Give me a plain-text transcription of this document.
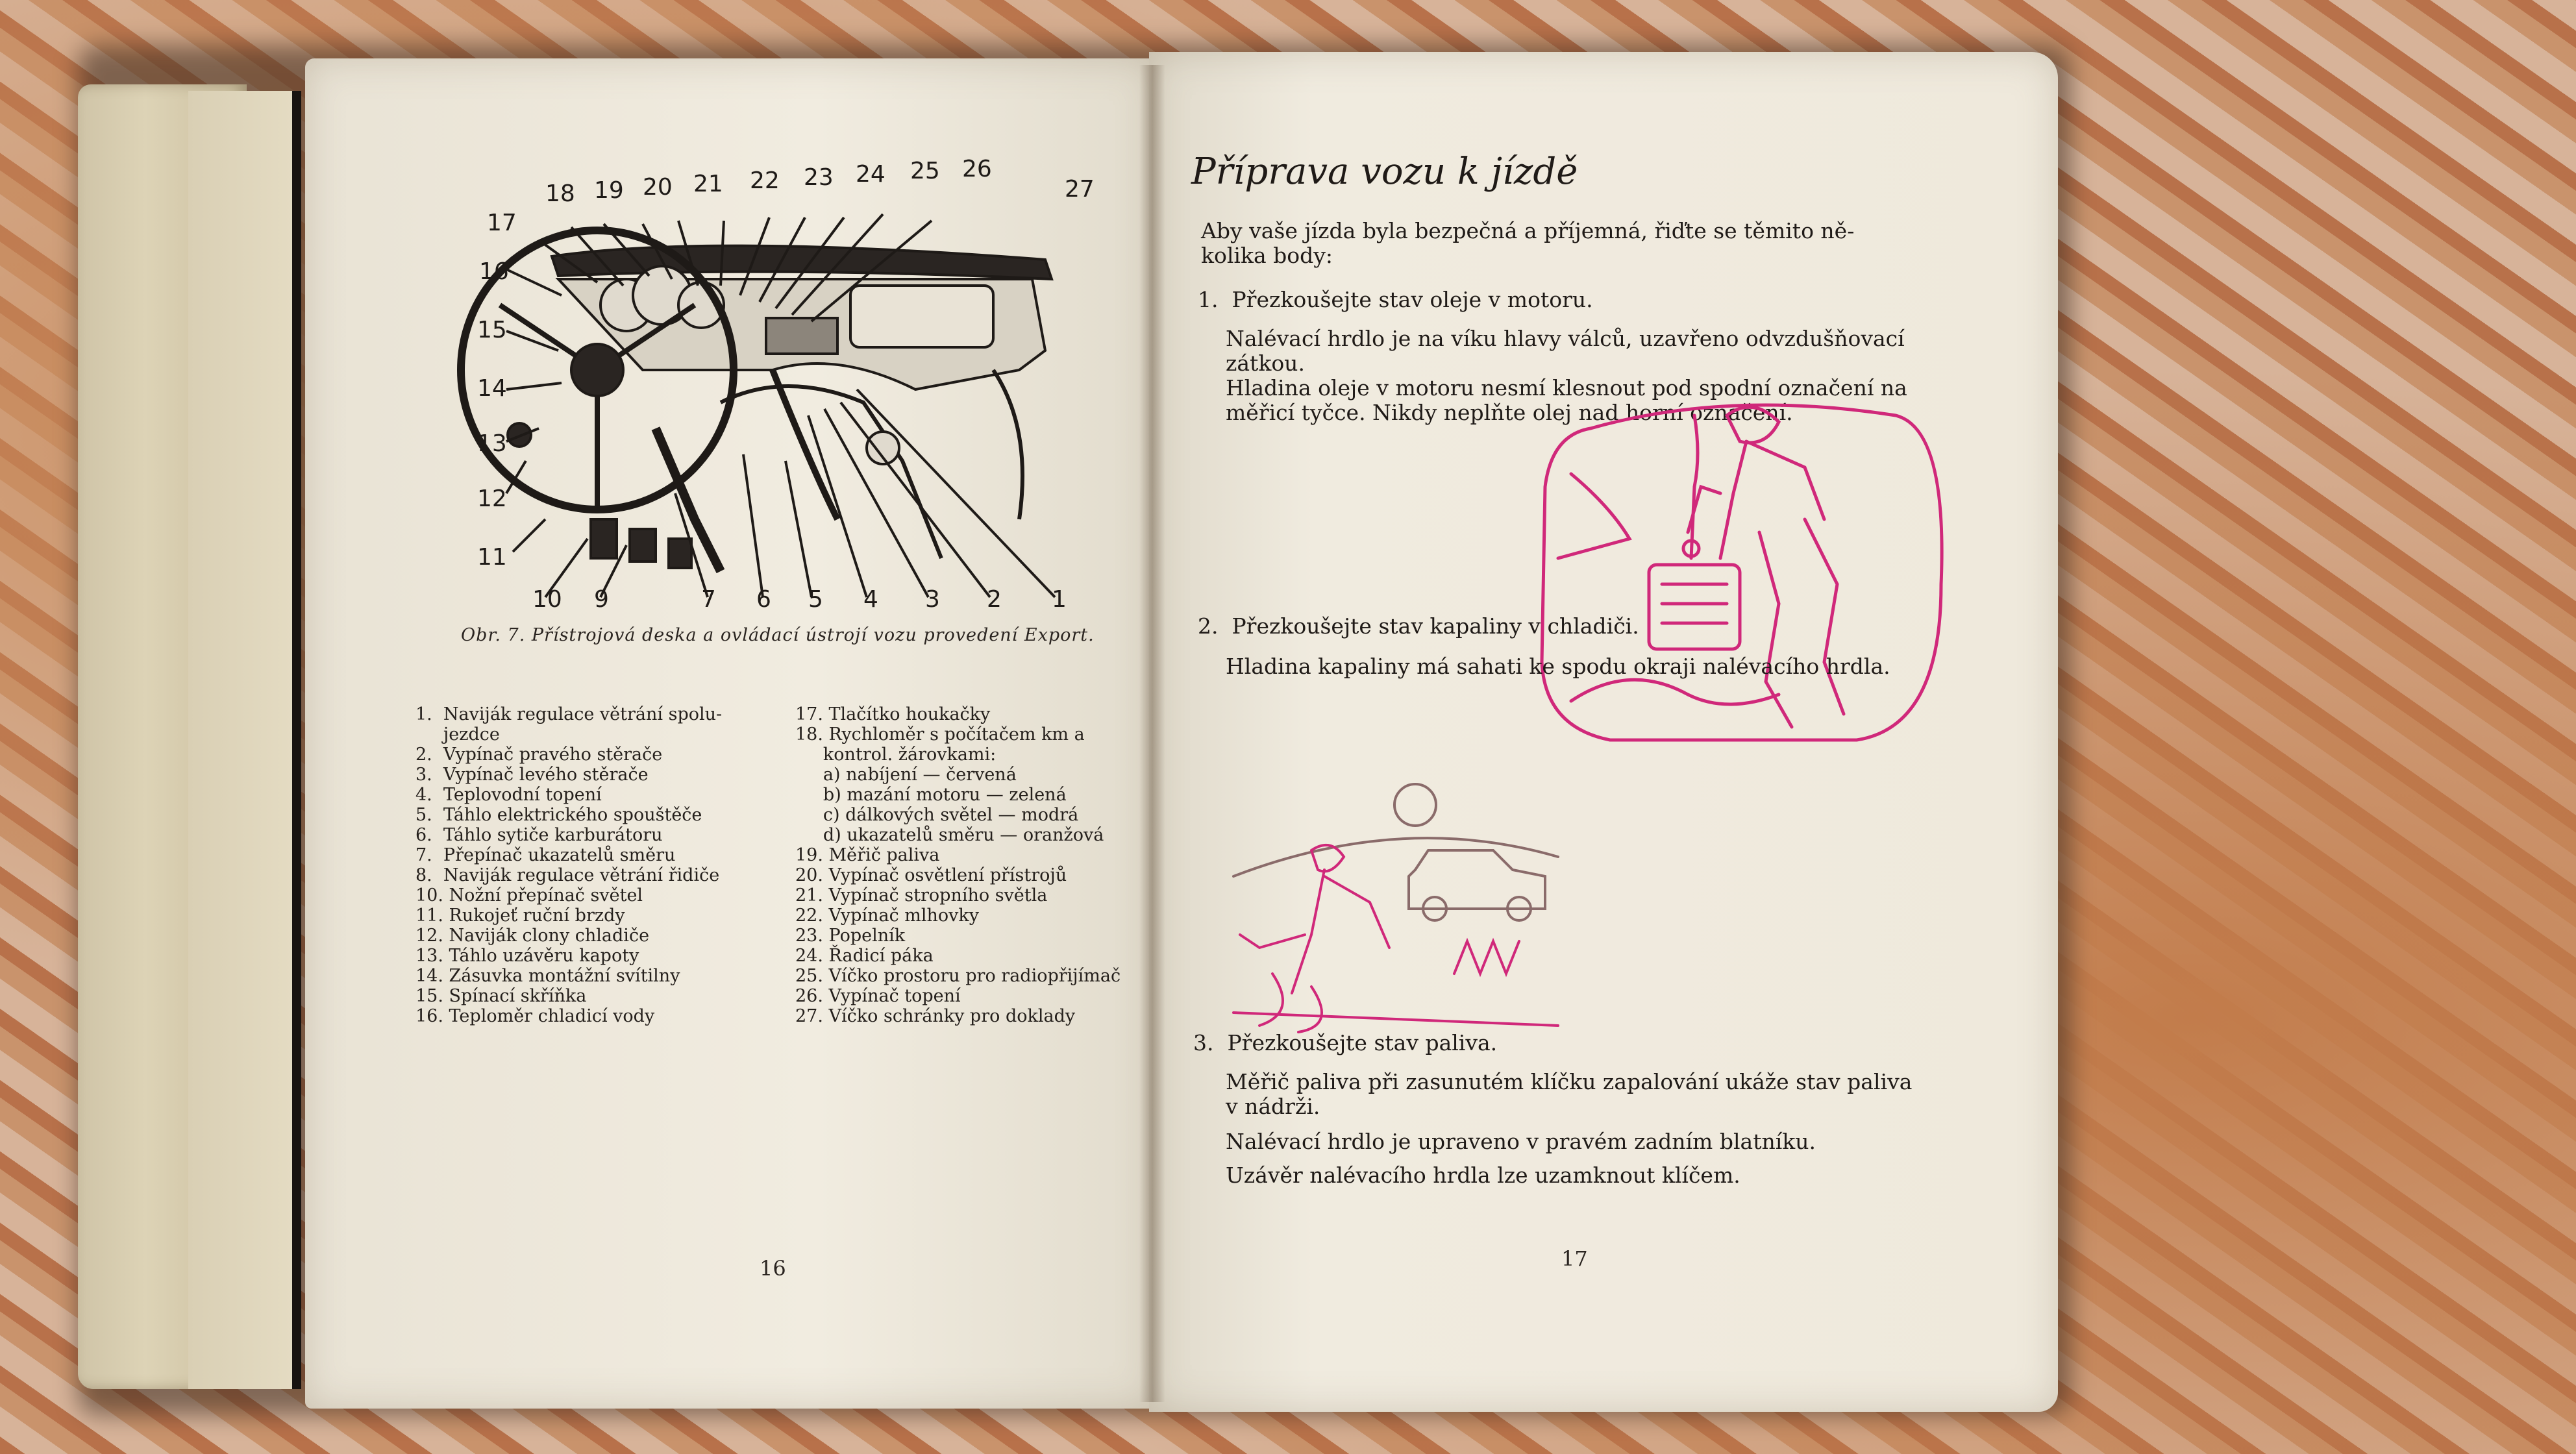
17
18 19 20 21 22 23 24 25 26
27
16
15
14
13
12
11
10 9	7 6 5 4 3 2 1
Obr. 7. Přístrojová deska a ovládací ústrojí vozu provedení Export.
1.  Naviják regulace větrání spolu-
jezdce
2.  Vypínač pravého stěrače
3.  Vypínač levého stěrače
4.  Teplovodní topení
5.  Táhlo elektrického spouštěče
6.  Táhlo sytiče karburátoru
7.  Přepínač ukazatelů směru
8.  Naviják regulace větrání řidiče
10. Nožní přepínač světel
11. Rukojeť ruční brzdy
12. Naviják clony chladiče
13. Táhlo uzávěru kapoty
14. Zásuvka montážní svítilny
15. Spínací skříňka
16. Teploměr chladicí vody
17. Tlačítko houkačky
18. Rychloměr s počítačem km a
kontrol. žárovkami:
a) nabíjení — červená
b) mazání motoru — zelená
c) dálkových světel — modrá
d) ukazatelů směru — oranžová
19. Měřič paliva
20. Vypínač osvětlení přístrojů
21. Vypínač stropního světla
22. Vypínač mlhovky
23. Popelník
24. Řadicí páka
25. Víčko prostoru pro radiopřijímač
26. Vypínač topení
27. Víčko schránky pro doklady
16
Příprava vozu k jízdě
Aby vaše jízda byla bezpečná a příjemná, řiďte se těmito ně-
kolika body:
1.  Přezkoušejte stav oleje v motoru.
Nalévací hrdlo je na víku hlavy válců, uzavřeno odvzdušňovací
zátkou.
Hladina oleje v motoru nesmí klesnout pod spodní označení na
měřicí tyčce. Nikdy neplňte olej nad horní označení.
2.  Přezkoušejte stav kapaliny v chladiči.
Hladina kapaliny má sahati ke spodu okraji nalévacího hrdla.
3.  Přezkoušejte stav paliva.
Měřič paliva při zasunutém klíčku zapalování ukáže stav paliva
v nádrži.
Nalévací hrdlo je upraveno v pravém zadním blatníku.
Uzávěr nalévacího hrdla lze uzamknout klíčem.
17
